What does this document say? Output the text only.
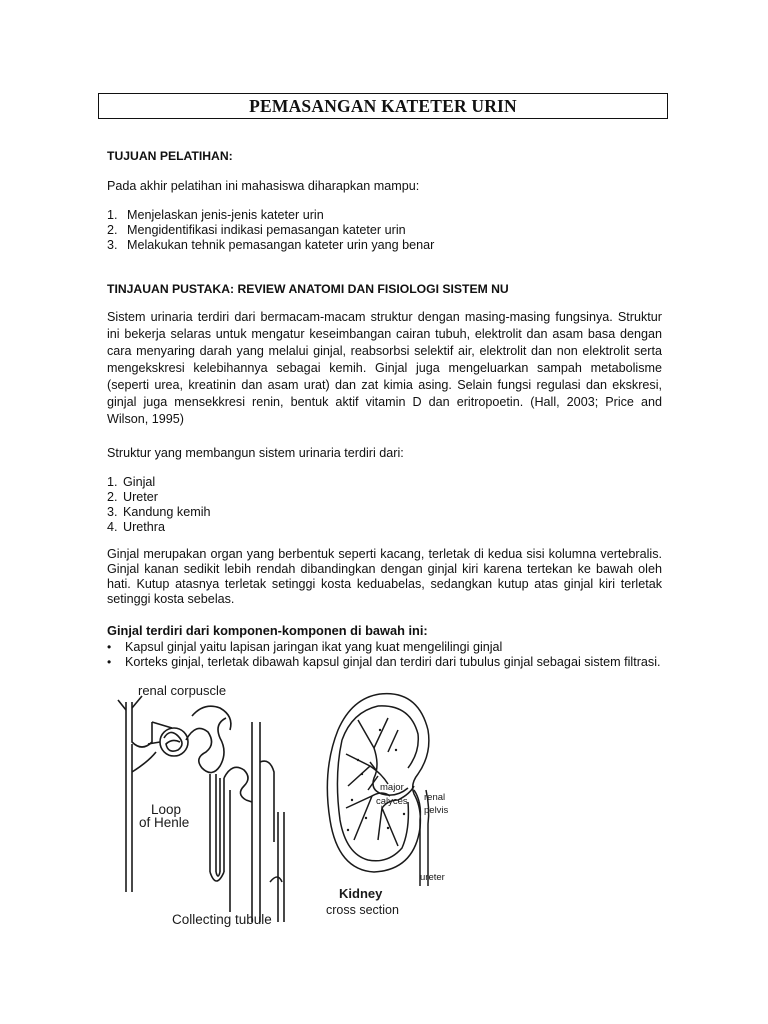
PEMASANGAN KATETER URIN

TUJUAN PELATIHAN:

Pada akhir pelatihan ini mahasiswa diharapkan mampu:

1. Menjelaskan jenis-jenis kateter urin
2. Mengidentifikasi indikasi pemasangan kateter urin
3. Melakukan tehnik pemasangan kateter urin yang benar

TINJAUAN PUSTAKA: REVIEW ANATOMI DAN FISIOLOGI SISTEM NU

Sistem urinaria terdiri dari bermacam-macam struktur dengan masing-masing fungsinya. Struktur
ini bekerja selaras untuk mengatur keseimbangan cairan tubuh, elektrolit dan asam basa dengan
cara menyaring darah yang melalui ginjal, reabsorbsi selektif air, elektrolit dan non elektrolit serta
mengekskresi kelebihannya sebagai kemih. Ginjal juga mengeluarkan sampah metabolisme
(seperti urea, kreatinin dan asam urat) dan zat kimia asing. Selain fungsi regulasi dan ekskresi,
ginjal juga mensekkresi renin, bentuk aktif vitamin D dan eritropoetin. (Hall, 2003; Price and
Wilson, 1995)

Struktur yang membangun sistem urinaria terdiri dari:

1. Ginjal
2. Ureter
3. Kandung kemih
4. Urethra
Ginjal merupakan organ yang berbentuk seperti kacang, terletak di kedua sisi kolumna vertebralis.
Ginjal kanan sedikit lebih rendah dibandingkan dengan ginjal kiri karena tertekan ke bawah oleh
hati. Kutup atasnya terletak setinggi kosta keduabelas, sedangkan kutup atas ginjal kiri terletak
setinggi kosta sebelas.

Ginjal terdiri dari komponen-komponen di bawah ini:

• Kapsul ginjal yaitu lapisan jaringan ikat yang kuat mengelilingi ginjal
• Korteks ginjal, terletak dibawah kapsul ginjal dan terdiri dari tubulus ginjal sebagai sistem filtrasi.
renal corpuscle
Loop
of Henle
Collecting tubule
major
calyces renal
pelvis
ureter
Kidney
cross section
